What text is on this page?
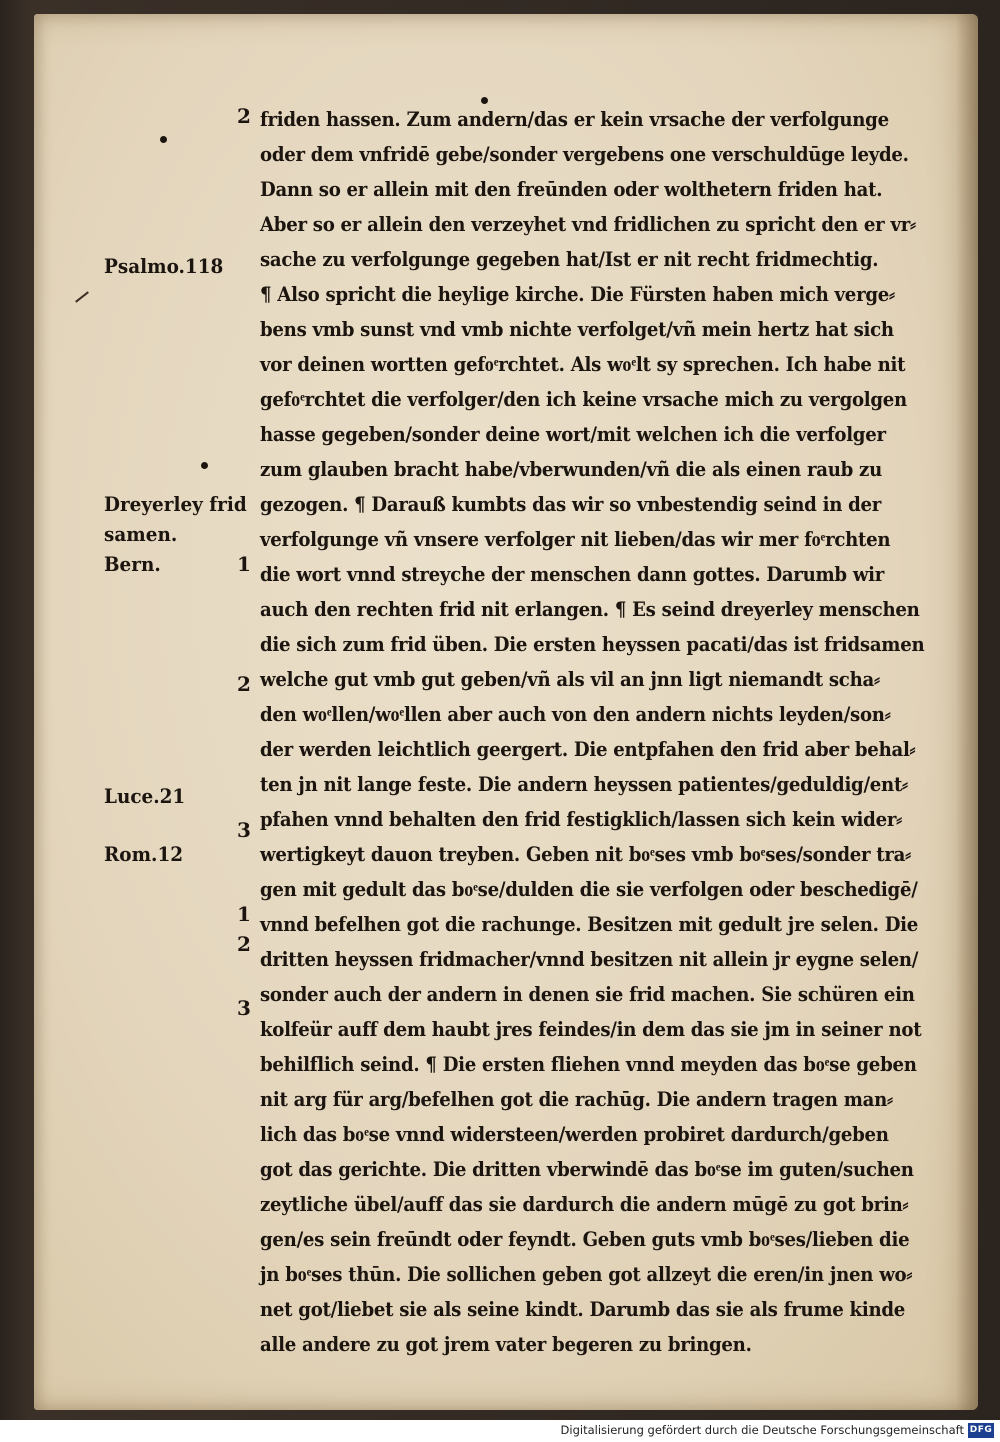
Psalmo.118
Dreyerley frid
samen.
Bern.
Luce.21
Rom.12
2
1
2
3
1
2
3
friden hassen. Zum andern/das er kein vrsache der verfolgunge
oder dem vnfridē gebe/sonder vergebens one verschuldūge leyde.
Dann so er allein mit den freūnden oder wolthetern friden hat.
Aber so er allein den verzeyhet vnd fridlichen zu spricht den er vr⸗
sache zu verfolgunge gegeben hat/Ist er nit recht fridmechtig.
¶ Also spricht die heylige kirche. Die Fürsten haben mich verge⸗
bens vmb sunst vnd vmb nichte verfolget/vñ mein hertz hat sich
vor deinen wortten gefoͤrchtet. Als woͤlt sy sprechen. Ich habe nit
gefoͤrchtet die verfolger/den ich keine vrsache mich zu vergolgen
hasse gegeben/sonder deine wort/mit welchen ich die verfolger
zum glauben bracht habe/vberwunden/vñ die als einen raub zu
gezogen. ¶ Darauß kumbts das wir so vnbestendig seind in der
verfolgunge vñ vnsere verfolger nit lieben/das wir mer foͤrchten
die wort vnnd streyche der menschen dann gottes. Darumb wir
auch den rechten frid nit erlangen. ¶ Es seind dreyerley menschen
die sich zum frid üben. Die ersten heyssen pacati/das ist fridsamen
welche gut vmb gut geben/vñ als vil an jnn ligt niemandt scha⸗
den woͤllen/woͤllen aber auch von den andern nichts leyden/son⸗
der werden leichtlich geergert. Die entpfahen den frid aber behal⸗
ten jn nit lange feste. Die andern heyssen patientes/geduldig/ent⸗
pfahen vnnd behalten den frid festigklich/lassen sich kein wider⸗
wertigkeyt dauon treyben. Geben nit boͤses vmb boͤses/sonder tra⸗
gen mit gedult das boͤse/dulden die sie verfolgen oder beschedigē/
vnnd befelhen got die rachunge. Besitzen mit gedult jre selen. Die
dritten heyssen fridmacher/vnnd besitzen nit allein jr eygne selen/
sonder auch der andern in denen sie frid machen. Sie schüren ein
kolfeür auff dem haubt jres feindes/in dem das sie jm in seiner not
behilflich seind. ¶ Die ersten fliehen vnnd meyden das boͤse geben
nit arg für arg/befelhen got die rachūg. Die andern tragen man⸗
lich das boͤse vnnd widersteen/werden probiret dardurch/geben
got das gerichte. Die dritten vberwindē das boͤse im guten/suchen
zeytliche übel/auff das sie dardurch die andern mūgē zu got brin⸗
gen/es sein freūndt oder feyndt. Geben guts vmb boͤses/lieben die
jn boͤses thūn. Die sollichen geben got allzeyt die eren/in jnen wo⸗
net got/liebet sie als seine kindt. Darumb das sie als frume kinde
alle andere zu got jrem vater begeren zu bringen.
Digitalisierung gefördert durch die Deutsche Forschungsgemeinschaft DFG
